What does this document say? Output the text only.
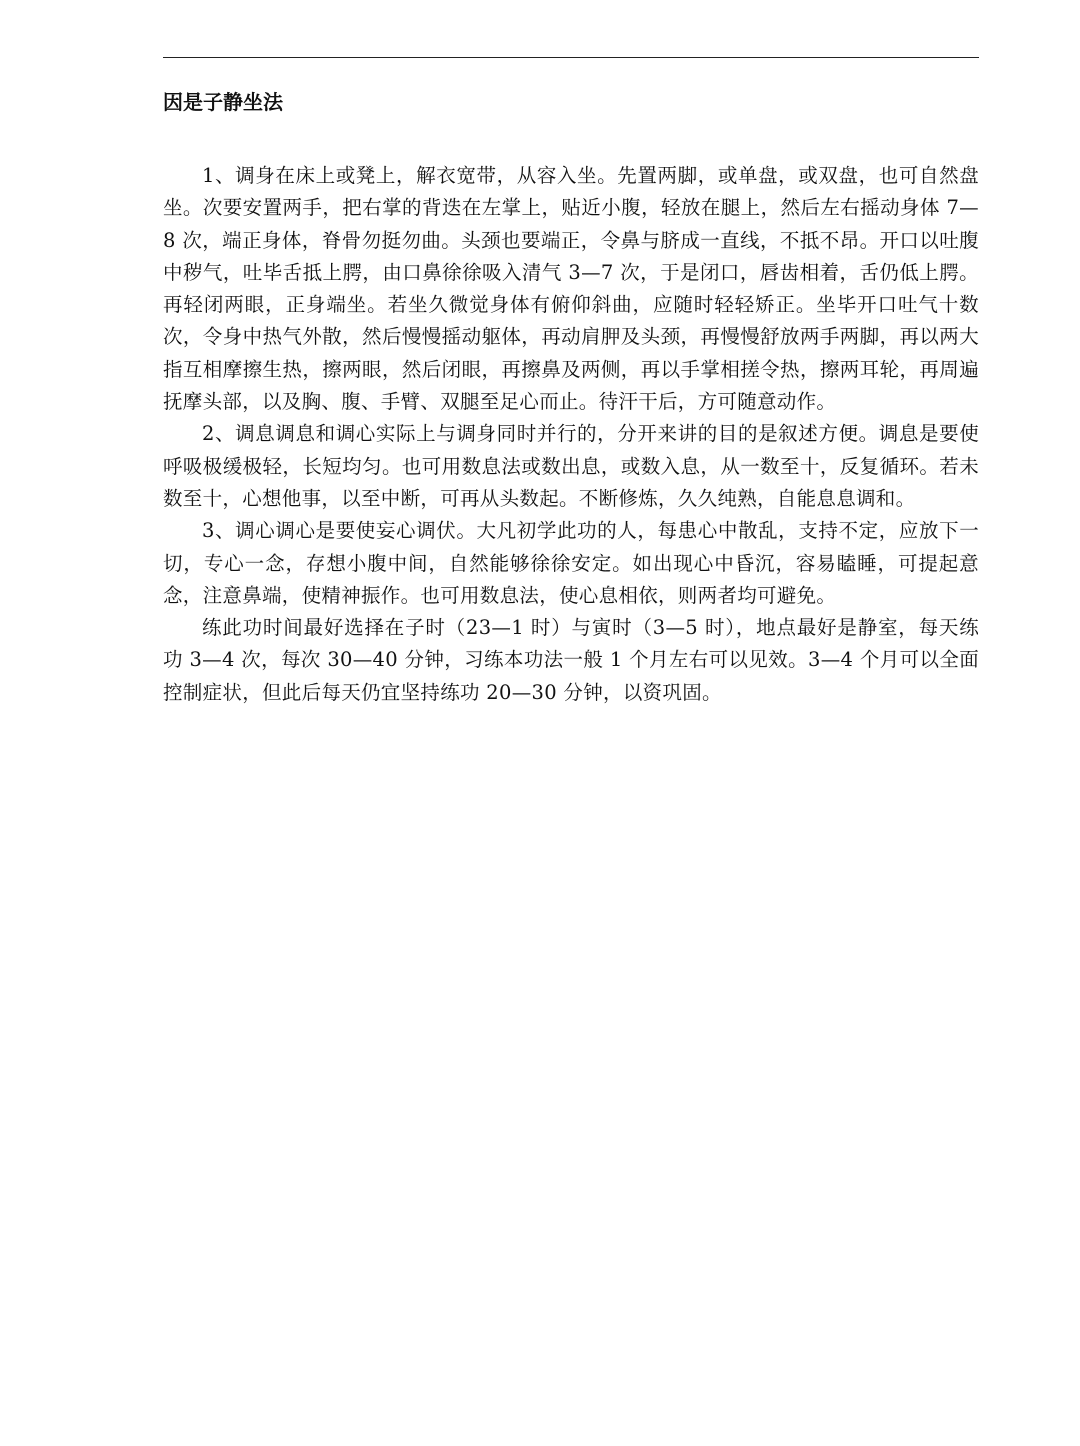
因是子静坐法

1、调身在床上或凳上，解衣宽带，从容入坐。先置两脚，或单盘，或双盘，也可自然盘坐。次要安置两手，把右掌的背迭在左掌上，贴近小腹，轻放在腿上，然后左右摇动身体 7—8 次，端正身体，脊骨勿挺勿曲。头颈也要端正，令鼻与脐成一直线，不抵不昂。开口以吐腹中秽气，吐毕舌抵上腭，由口鼻徐徐吸入清气 3—7 次，于是闭口，唇齿相着，舌仍低上腭。再轻闭两眼，正身端坐。若坐久微觉身体有俯仰斜曲，应随时轻轻矫正。坐毕开口吐气十数次，令身中热气外散，然后慢慢摇动躯体，再动肩胛及头颈，再慢慢舒放两手两脚，再以两大指互相摩擦生热，擦两眼，然后闭眼，再擦鼻及两侧，再以手掌相搓令热，擦两耳轮，再周遍抚摩头部，以及胸、腹、手臂、双腿至足心而止。待汗干后，方可随意动作。

2、调息调息和调心实际上与调身同时并行的，分开来讲的目的是叙述方便。调息是要使呼吸极缓极轻，长短均匀。也可用数息法或数出息，或数入息，从一数至十，反复循环。若未数至十，心想他事，以至中断，可再从头数起。不断修炼，久久纯熟，自能息息调和。

3、调心调心是要使妄心调伏。大凡初学此功的人，每患心中散乱，支持不定，应放下一切，专心一念，存想小腹中间，自然能够徐徐安定。如出现心中昏沉，容易瞌睡，可提起意念，注意鼻端，使精神振作。也可用数息法，使心息相依，则两者均可避免。

练此功时间最好选择在子时（23—1 时）与寅时（3—5 时），地点最好是静室，每天练功 3—4 次，每次 30—40 分钟，习练本功法一般 1 个月左右可以见效。3—4 个月可以全面控制症状，但此后每天仍宜坚持练功 20—30 分钟，以资巩固。
